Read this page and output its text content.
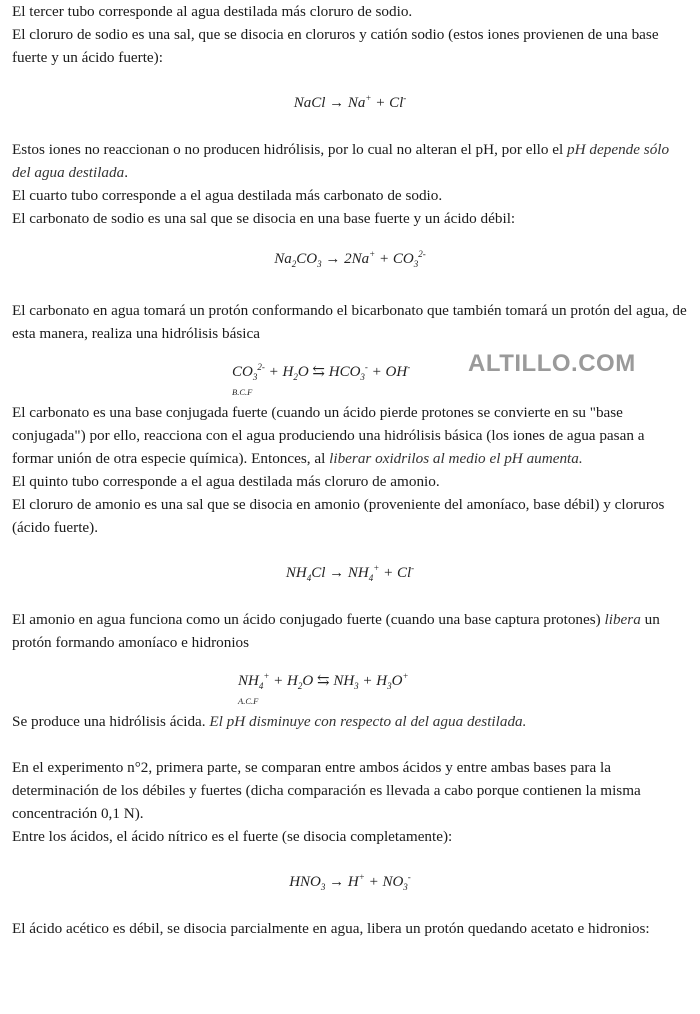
El tercer tubo corresponde al agua destilada más cloruro de sodio.

El cloruro de sodio es una sal, que se disocia en cloruros y catión sodio (estos iones provienen de una base fuerte y un ácido fuerte):

NaCl → Na+ + Cl-

Estos iones no reaccionan o no producen hidrólisis, por lo cual no alteran el pH, por ello el pH depende sólo del agua destilada.

El cuarto tubo corresponde a el agua destilada más carbonato de sodio.

El carbonato de sodio es una sal que se disocia en una base fuerte y un ácido débil:

$Na_2CO_3 \to 2Na^+ + CO_3^{2-}$

El carbonato en agua tomará un protón conformando el bicarbonato que también tomará un protón del agua, de esta manera, realiza una hidrólisis básica

$CO_3^{2-} + H_2O$ ⇆ $HCO_3^- + OH^-$
B.C.F

El carbonato es una base conjugada fuerte (cuando un ácido pierde protones se convierte en su "base conjugada") por ello, reacciona con el agua produciendo una hidrólisis básica (los iones de agua pasan a formar unión de otra especie química). Entonces, al liberar oxidrilos al medio el pH aumenta.

El quinto tubo corresponde a el agua destilada más cloruro de amonio.

El cloruro de amonio es una sal que se disocia en amonio (proveniente del amoníaco, base débil) y cloruros (ácido fuerte).

$NH_4Cl \to NH_4^+ + Cl^-$

El amonio en agua funciona como un ácido conjugado fuerte (cuando una base captura protones) libera un protón formando amoníaco e hidronios

$NH_4^+ + H_2O$ ⇆ $NH_3 + H_3O^+$
A.C.F

Se produce una hidrólisis ácida. El pH disminuye con respecto al del agua destilada.

En el experimento n°2, primera parte, se comparan entre ambos ácidos y entre ambas bases para la determinación de los débiles y fuertes (dicha comparación es llevada a cabo porque contienen la misma concentración 0,1 N).

Entre los ácidos, el ácido nítrico es el fuerte (se disocia completamente):

$HNO_3 \to H^+ + NO_3^-$

El ácido acético es débil, se disocia parcialmente en agua, libera un protón quedando acetato e hidronios:

ALTILLO.COM
